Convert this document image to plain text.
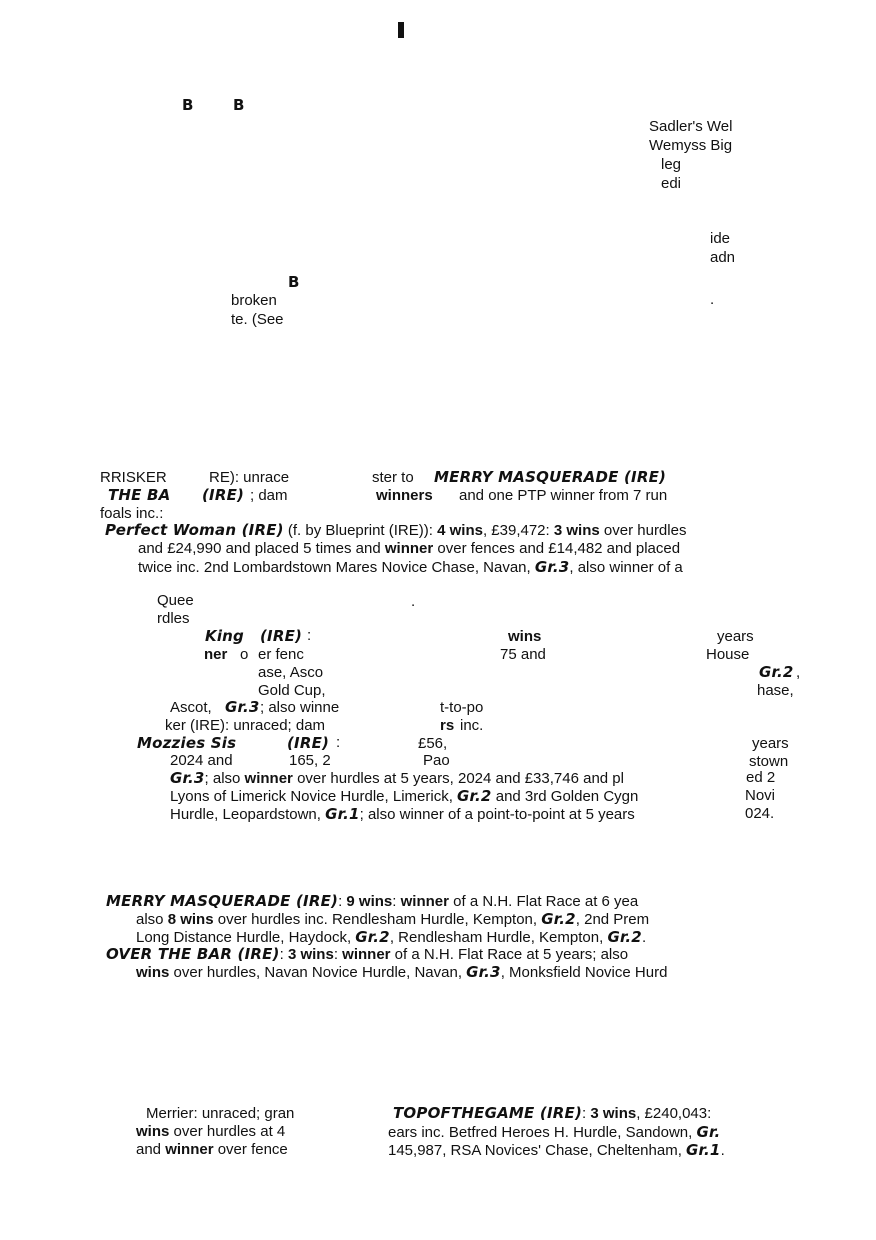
B	B
Sadler's Wel
Wemyss Big
leg
edi
ide
adn
.
B
broken
te. (See
RRISKER	RE): unrace	ster to MERRY MASQUERADE (IRE)
THE BA (IRE) ; dam	winners and one PTP winner from 7 run
foals inc.:
Perfect Woman (IRE) (f. by Blueprint (IRE)): 4 wins, £39,472: 3 wins over hurdles
and £24,990 and placed 5 times and winner over fences and £14,482 and placed
twice inc. 2nd Lombardstown Mares Novice Chase, Navan, Gr.3, also winner of a
Quee	.
rdles
King (IRE) :	wins	years
ner o er fenc	75 and	House
ase, Asco	Gr.2 ,
Gold Cup,	hase,
Ascot, Gr.3 ; also winne	t-to-po
ker (IRE): unraced; dam	rs inc.
Mozzies Sis	(IRE) :	£56,	years
2024 and	165, 2	Pao	stown
Gr.3; also winner over hurdles at 5 years, 2024 and £33,746 and pl	ed 2
Lyons of Limerick Novice Hurdle, Limerick, Gr.2 and 3rd Golden Cygn	Novi
Hurdle, Leopardstown, Gr.1; also winner of a point-to-point at 5 years	024.
MERRY MASQUERADE (IRE): 9 wins: winner of a N.H. Flat Race at 6 yea
also 8 wins over hurdles inc. Rendlesham Hurdle, Kempton, Gr.2, 2nd Prem
Long Distance Hurdle, Haydock, Gr.2, Rendlesham Hurdle, Kempton, Gr.2.
OVER THE BAR (IRE): 3 wins: winner of a N.H. Flat Race at 5 years; also
wins over hurdles, Navan Novice Hurdle, Navan, Gr.3, Monksfield Novice Hurd
Merrier: unraced; gran
wins over hurdles at 4
and winner over fence
TOPOFTHEGAME (IRE): 3 wins, £240,043:
ears inc. Betfred Heroes H. Hurdle, Sandown, Gr.
145,987, RSA Novices' Chase, Cheltenham, Gr.1.
